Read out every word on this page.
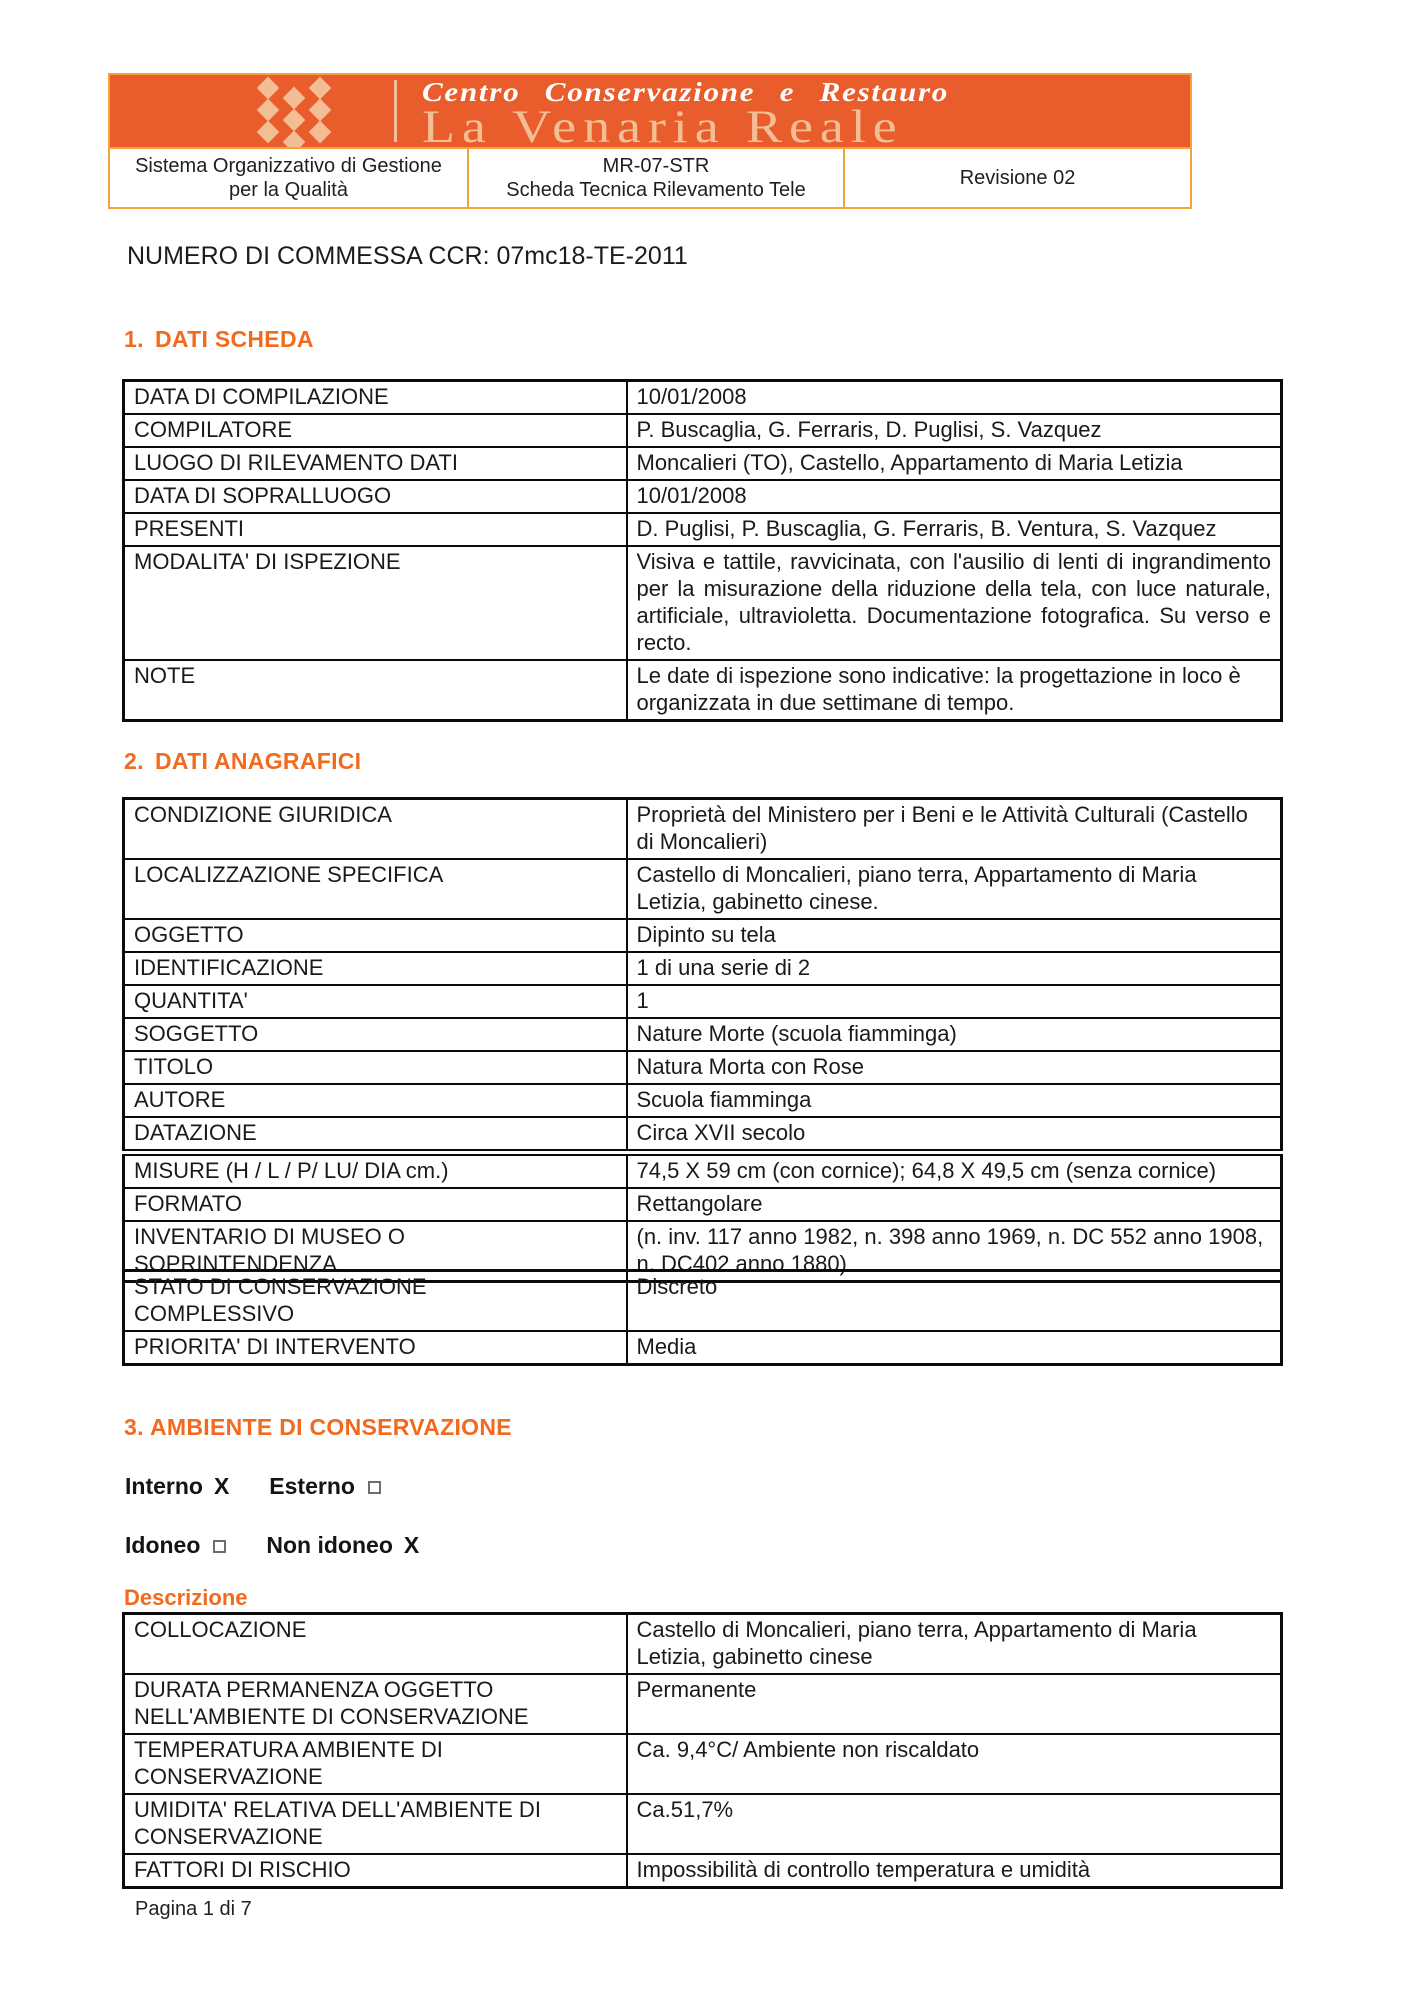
Centro Conservazione e Restauro
La Venaria Reale
Sistema Organizzativo di Gestione
per la Qualità
MR-07-STR
Scheda Tecnica Rilevamento Tele
Revisione 02
NUMERO DI COMMESSA CCR: 07mc18-TE-2011
1. DATI SCHEDA
DATA DI COMPILAZIONE	10/01/2008
COMPILATORE	P. Buscaglia, G. Ferraris, D. Puglisi, S. Vazquez
LUOGO DI RILEVAMENTO DATI	Moncalieri (TO), Castello, Appartamento di Maria Letizia
DATA DI SOPRALLUOGO	10/01/2008
PRESENTI	D. Puglisi, P. Buscaglia, G. Ferraris, B. Ventura, S. Vazquez
MODALITA' DI ISPEZIONE	Visiva e tattile, ravvicinata, con l'ausilio di lenti di ingrandimento per la misurazione della riduzione della tela, con luce naturale, artificiale, ultravioletta. Documentazione fotografica. Su verso e recto.
NOTE	Le date di ispezione sono indicative: la progettazione in loco è organizzata in due settimane di tempo.
2. DATI ANAGRAFICI
CONDIZIONE GIURIDICA	Proprietà del Ministero per i Beni e le Attività Culturali (Castello di Moncalieri)
LOCALIZZAZIONE SPECIFICA	Castello di Moncalieri, piano terra, Appartamento di Maria Letizia, gabinetto cinese.
OGGETTO	Dipinto su tela
IDENTIFICAZIONE	1 di una serie di 2
QUANTITA'	1
SOGGETTO	Nature Morte (scuola fiamminga)
TITOLO	Natura Morta con Rose
AUTORE	Scuola fiamminga
DATAZIONE	Circa XVII secolo
MISURE (H / L / P/ LU/ DIA cm.)	74,5 X 59 cm (con cornice); 64,8 X 49,5 cm (senza cornice)
FORMATO	Rettangolare

INVENTARIO DI MUSEO O
SOPRINTENDENZA	(n. inv. 117 anno 1982, n. 398 anno 1969, n. DC 552 anno 1908, n. DC402 anno 1880)
STATO DI CONSERVAZIONE
COMPLESSIVO	Discreto
PRIORITA' DI INTERVENTO	Media
3. AMBIENTE DI CONSERVAZIONE
Interno X Esterno
Idoneo	Non idoneo X
Descrizione
COLLOCAZIONE	Castello di Moncalieri, piano terra, Appartamento di Maria Letizia, gabinetto cinese

DURATA PERMANENZA OGGETTO
NELL'AMBIENTE DI CONSERVAZIONE	Permanente

TEMPERATURA AMBIENTE DI
CONSERVAZIONE	Ca. 9,4°C/ Ambiente non riscaldato

UMIDITA' RELATIVA DELL'AMBIENTE DI
CONSERVAZIONE	Ca.51,7%
FATTORI DI RISCHIO	Impossibilità di controllo temperatura e umidità
Pagina 1 di 7
